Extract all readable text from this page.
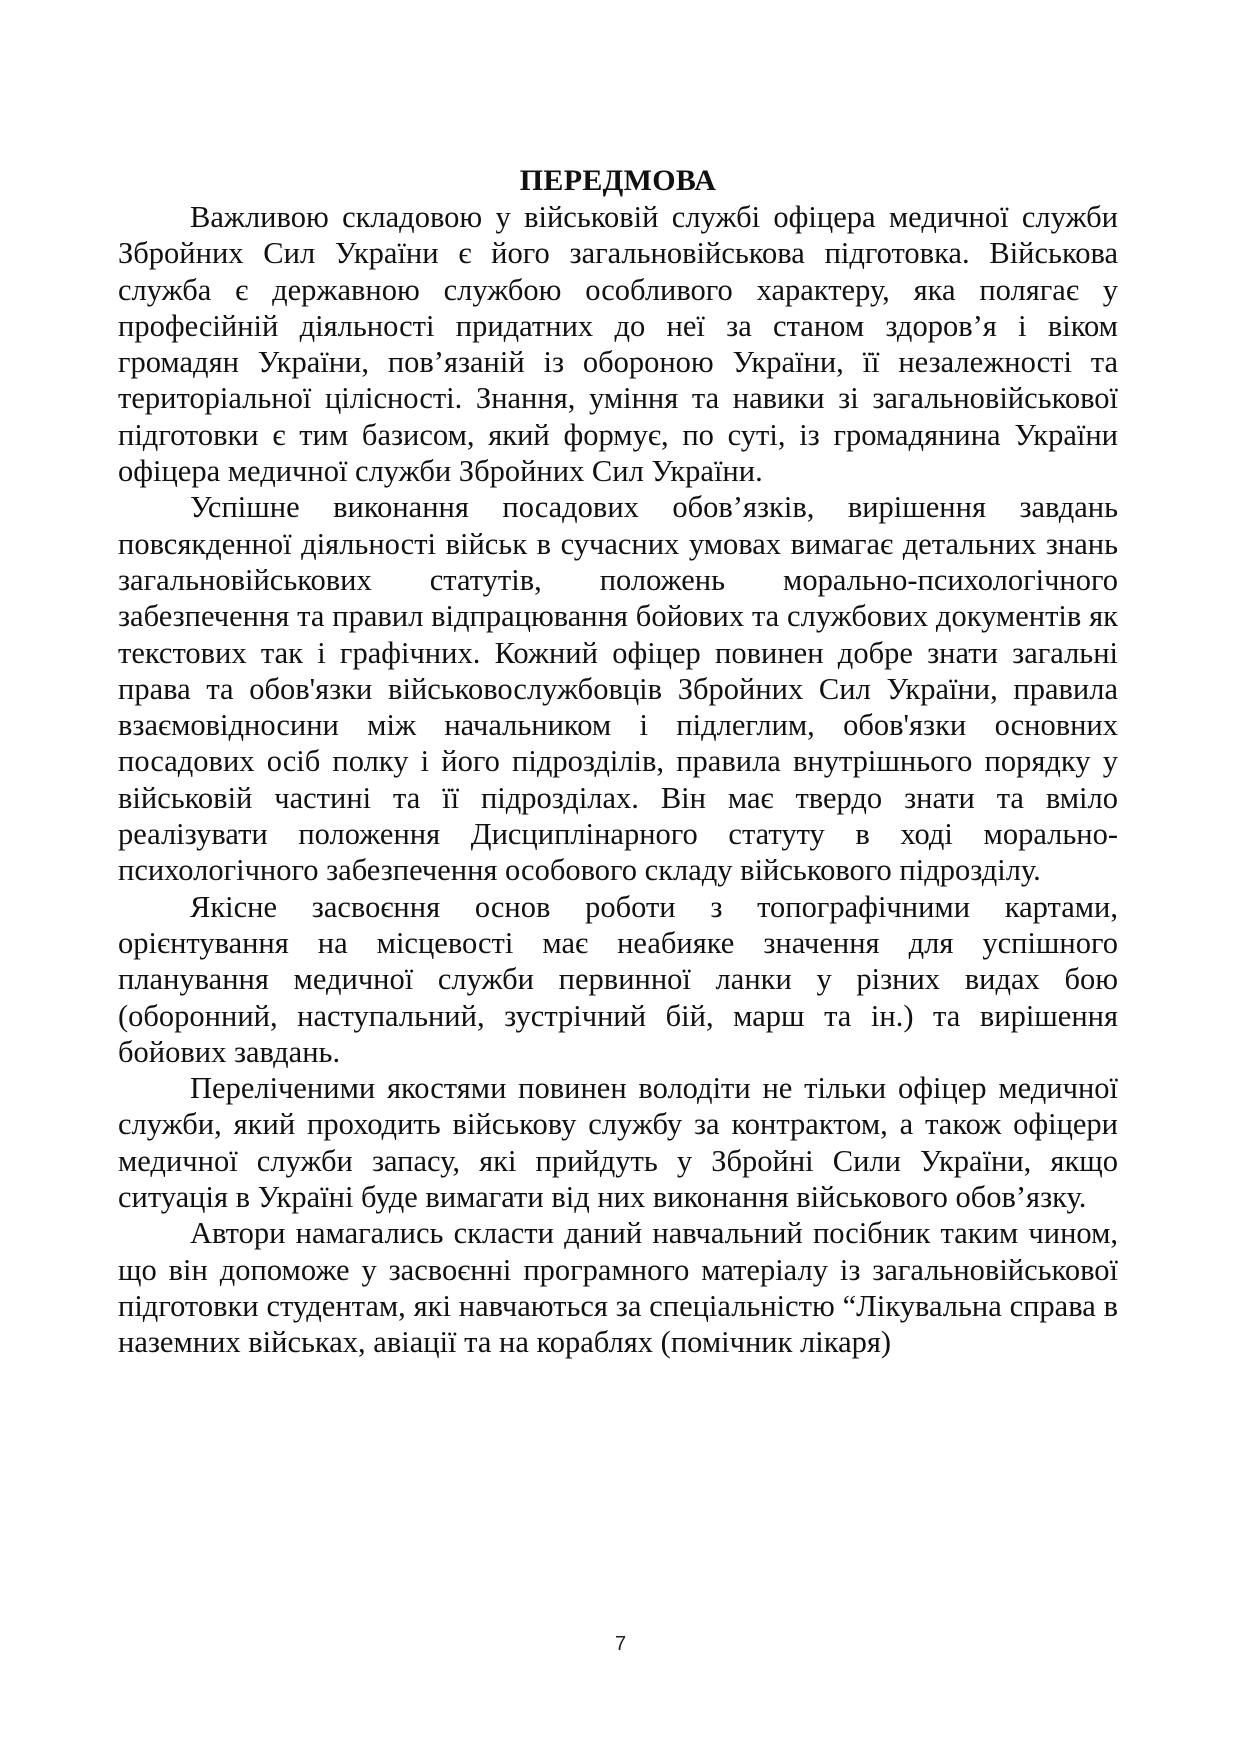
ПЕРЕДМОВА

Важливою складовою у військовій службі офіцера медичної служби Збройних Сил України є його загальновійськова підготовка. Військова служба є державною службою особливого характеру, яка полягає у професійній діяльності придатних до неї за станом здоров’я і віком громадян України, пов’язаній із обороною України, її незалежності та територіальної цілісності. Знання, уміння та навики зі загальновійськової підготовки є тим базисом, який формує, по суті, із громадянина України офіцера медичної служби Збройних Сил України.

Успішне виконання посадових обов’язків, вирішення завдань повсякденної діяльності військ в сучасних умовах вимагає детальних знань загальновійськових статутів, положень морально-психологічного забезпечення та правил відпрацювання бойових та службових документів як текстових так і графічних. Кожний офіцер повинен добре знати загальні права та обов'язки військовослужбовців Збройних Сил України, правила взаємовідносини між начальником і підлеглим, обов'язки основних посадових осіб полку і його підрозділів, правила внутрішнього порядку у військовій частині та її підрозділах. Він має твердо знати та вміло реалізувати положення Дисциплінарного статуту в ході морально-психологічного забезпечення особового складу військового підрозділу.

Якісне засвоєння основ роботи з топографічними картами, орієнтування на місцевості має неабияке значення для успішного планування медичної служби первинної ланки у різних видах бою (оборонний, наступальний, зустрічний бій, марш та ін.) та вирішення бойових завдань.

Переліченими якостями повинен володіти не тільки офіцер медичної служби, який проходить військову службу за контрактом, а також офіцери медичної служби запасу, які прийдуть у Збройні Сили України, якщо ситуація в Україні буде вимагати від них виконання військового обов’язку.

Автори намагались скласти даний навчальний посібник таким чином, що він допоможе у засвоєнні програмного матеріалу із загальновійськової підготовки студентам, які навчаються за спеціальністю “Лікувальна справа в наземних військах, авіації та на кораблях (помічник лікаря)

7
